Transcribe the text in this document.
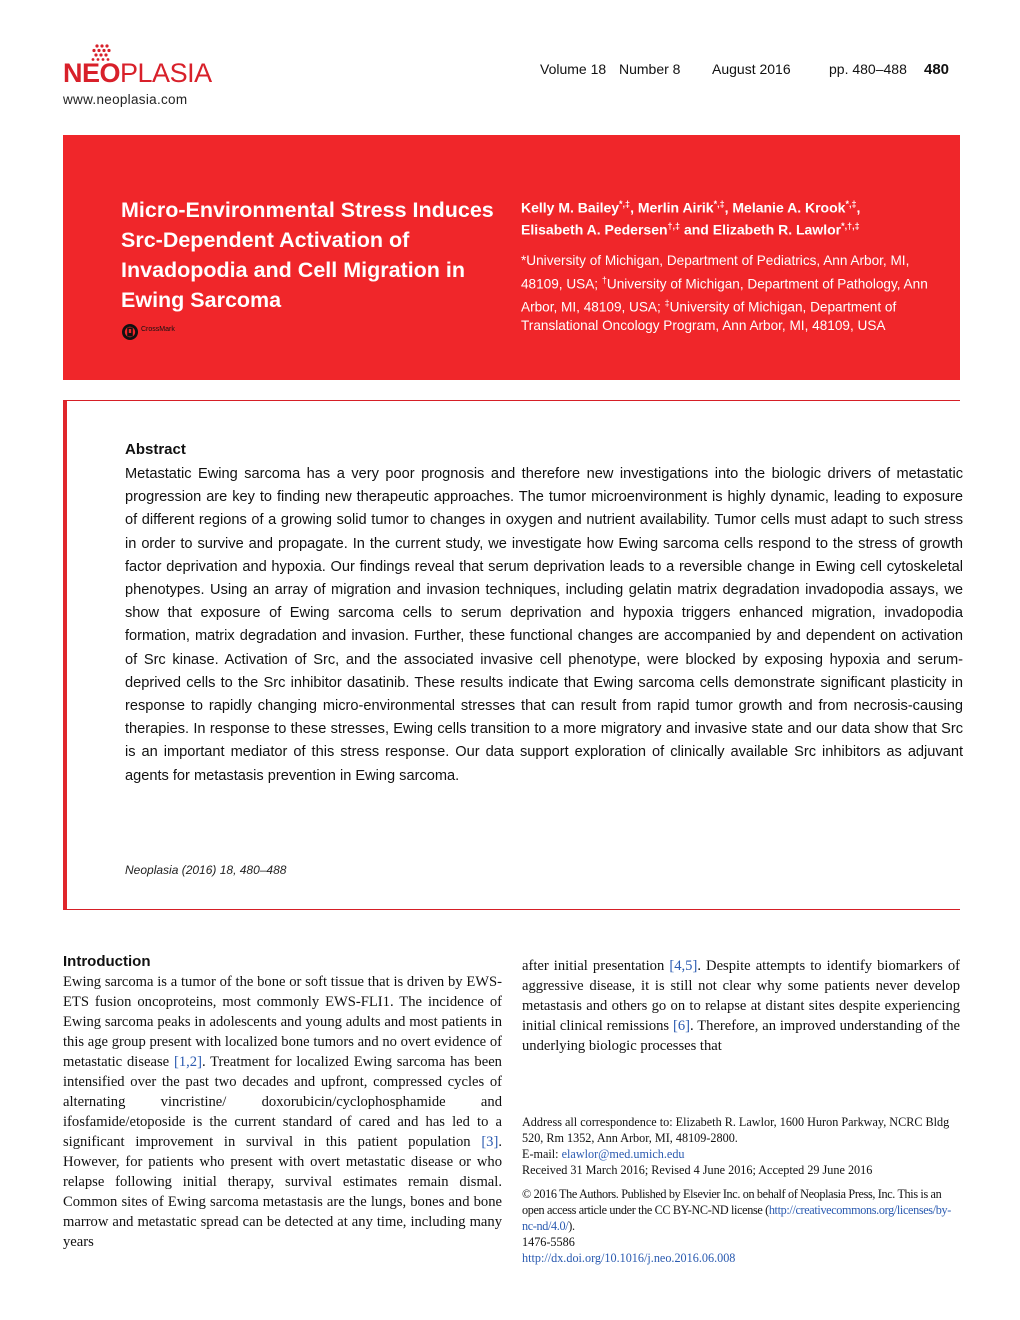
NEOPLASIA
www.neoplasia.com
Volume 18 Number 8 August 2016	pp. 480–488 480
Micro-Environmental Stress Induces Src-Dependent Activation of Invadopodia and Cell Migration in Ewing Sarcoma
CrossMark
Kelly M. Bailey*,‡, Merlin Airik*,‡, Melanie A. Krook*,‡,
Elisabeth A. Pedersen†,‡ and Elizabeth R. Lawlor*,†,‡
*University of Michigan, Department of Pediatrics, Ann Arbor, MI, 48109, USA; †University of Michigan, Department of Pathology, Ann Arbor, MI, 48109, USA; ‡University of Michigan, Department of Translational Oncology Program, Ann Arbor, MI, 48109, USA
Abstract
Metastatic Ewing sarcoma has a very poor prognosis and therefore new investigations into the biologic drivers of metastatic progression are key to finding new therapeutic approaches. The tumor microenvironment is highly dynamic, leading to exposure of different regions of a growing solid tumor to changes in oxygen and nutrient availability. Tumor cells must adapt to such stress in order to survive and propagate. In the current study, we investigate how Ewing sarcoma cells respond to the stress of growth factor deprivation and hypoxia. Our findings reveal that serum deprivation leads to a reversible change in Ewing cell cytoskeletal phenotypes. Using an array of migration and invasion techniques, including gelatin matrix degradation invadopodia assays, we show that exposure of Ewing sarcoma cells to serum deprivation and hypoxia triggers enhanced migration, invadopodia formation, matrix degradation and invasion. Further, these functional changes are accompanied by and dependent on activation of Src kinase. Activation of Src, and the associated invasive cell phenotype, were blocked by exposing hypoxia and serum-deprived cells to the Src inhibitor dasatinib. These results indicate that Ewing sarcoma cells demonstrate significant plasticity in response to rapidly changing micro-environmental stresses that can result from rapid tumor growth and from necrosis-causing therapies. In response to these stresses, Ewing cells transition to a more migratory and invasive state and our data show that Src is an important mediator of this stress response. Our data support exploration of clinically available Src inhibitors as adjuvant agents for metastasis prevention in Ewing sarcoma.
Neoplasia (2016) 18, 480–488
Introduction
Ewing sarcoma is a tumor of the bone or soft tissue that is driven by EWS-ETS fusion oncoproteins, most commonly EWS-FLI1. The incidence of Ewing sarcoma peaks in adolescents and young adults and most patients in this age group present with localized bone tumors and no overt evidence of metastatic disease [1,2]. Treatment for localized Ewing sarcoma has been intensified over the past two decades and upfront, compressed cycles of alternating vincristine/ doxorubicin/cyclophosphamide and ifosfamide/etoposide is the current standard of cared and has led to a significant improvement in survival in this patient population [3]. However, for patients who present with overt metastatic disease or who relapse following initial therapy, survival estimates remain dismal. Common sites of Ewing sarcoma metastasis are the lungs, bones and bone marrow and metastatic spread can be detected at any time, including many years
after initial presentation [4,5]. Despite attempts to identify biomarkers of aggressive disease, it is still not clear why some patients never develop metastasis and others go on to relapse at distant sites despite experiencing initial clinical remissions [6]. Therefore, an improved understanding of the underlying biologic processes that
Address all correspondence to: Elizabeth R. Lawlor, 1600 Huron Parkway, NCRC Bldg 520, Rm 1352, Ann Arbor, MI, 48109-2800.
E-mail: elawlor@med.umich.edu
Received 31 March 2016; Revised 4 June 2016; Accepted 29 June 2016
© 2016 The Authors. Published by Elsevier Inc. on behalf of Neoplasia Press, Inc. This is an open access article under the CC BY-NC-ND license (http://creativecommons.org/licenses/by-nc-nd/4.0/).
1476-5586
http://dx.doi.org/10.1016/j.neo.2016.06.008
